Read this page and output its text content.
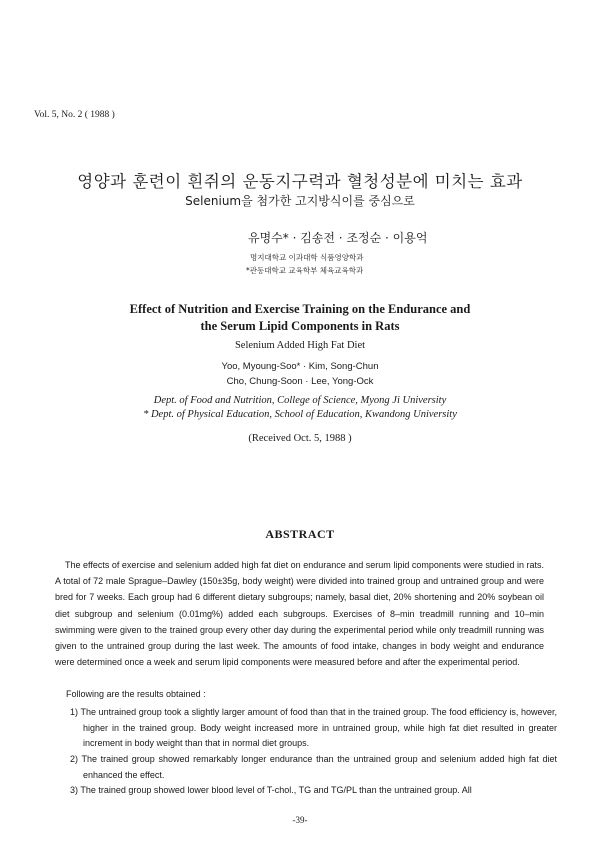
Vol. 5, No. 2 ( 1988 )
영양과 훈련이 흰쥐의 운동지구력과 혈청성분에 미치는 효과
Selenium을 첨가한 고지방식이를 중심으로
유명수* · 김송전 · 조정순 · 이용억
명지대학교 이과대학 식품영양학과
*관동대학교 교육학부 체육교육학과
Effect of Nutrition and Exercise Training on the Endurance and
the Serum Lipid Components in Rats
Selenium Added High Fat Diet
Yoo, Myoung-Soo* · Kim, Song-Chun
Cho, Chung-Soon · Lee, Yong-Ock
Dept. of Food and Nutrition, College of Science, Myong Ji University
* Dept. of Physical Education, School of Education, Kwandong University
(Received Oct. 5, 1988 )
ABSTRACT
The effects of exercise and selenium added high fat diet on endurance and serum lipid components were studied in rats. A total of 72 male Sprague–Dawley (150±35g, body weight) were divided into trained group and untrained group and were bred for 7 weeks. Each group had 6 different dietary subgroups; namely, basal diet, 20% shortening and 20% soybean oil diet subgroup and selenium (0.01mg%) added each subgroups. Exercises of 8–min treadmill running and 10–min swimming were given to the trained group every other day during the experimental period while only treadmill running was given to the untrained group during the last week. The amounts of food intake, changes in body weight and endurance were determined once a week and serum lipid components were measured before and after the experimental period.
Following are the results obtained :
1) The untrained group took a slightly larger amount of food than that in the trained group. The food efficiency is, however, higher in the trained group. Body weight increased more in untrained group, while high fat diet resulted in greater increment in body weight than that in normal diet groups.
2) The trained group showed remarkably longer endurance than the untrained group and selenium added high fat diet enhanced the effect.
3) The trained group showed lower blood level of T-chol., TG and TG/PL than the untrained group. All
-39-
